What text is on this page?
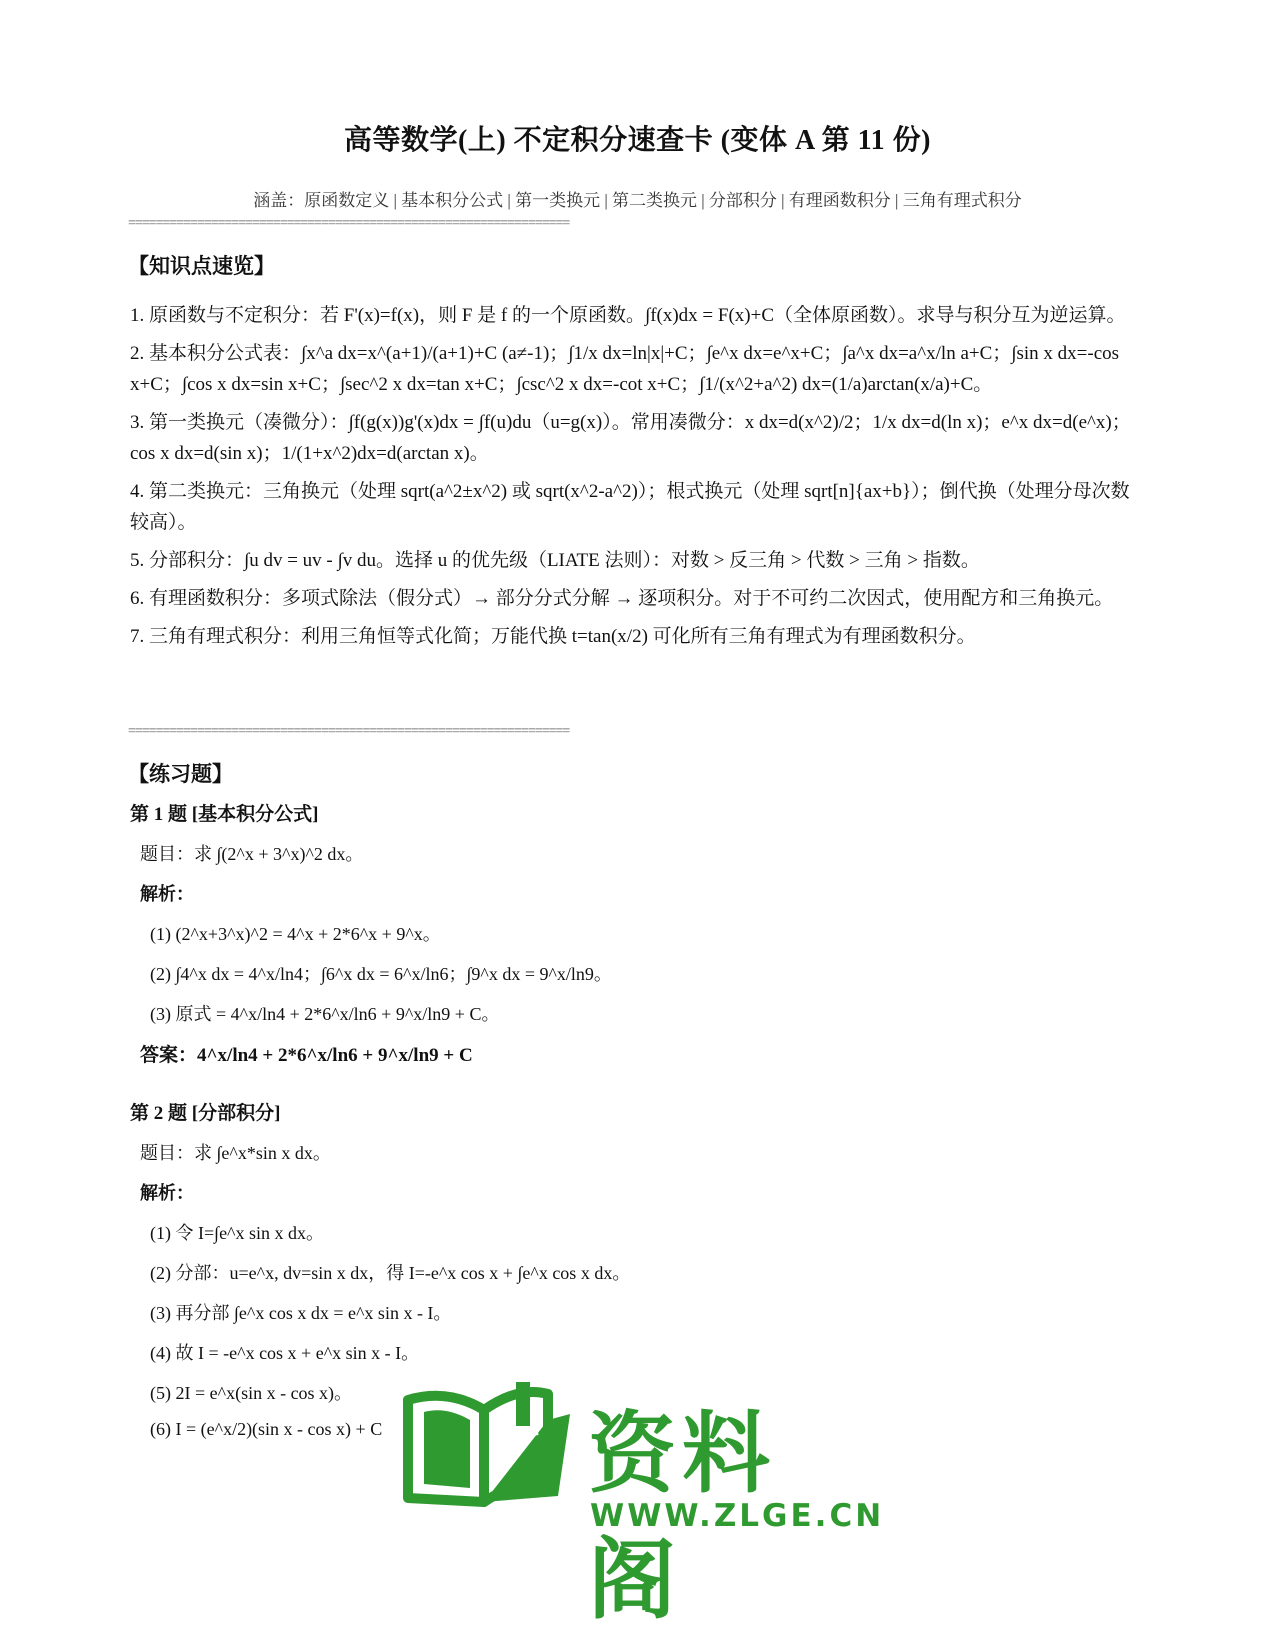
高等数学(上) 不定积分速查卡 (变体 A 第 11 份)
涵盖：原函数定义 | 基本积分公式 | 第一类换元 | 第二类换元 | 分部积分 | 有理函数积分 | 三角有理式积分
================================================================
【知识点速览】

1. 原函数与不定积分：若 F'(x)=f(x)，则 F 是 f 的一个原函数。∫f(x)dx = F(x)+C（全体原函数）。求导与积分互为逆运算。

2. 基本积分公式表：∫x^a dx=x^(a+1)/(a+1)+C (a≠-1)；∫1/x dx=ln|x|+C；∫e^x dx=e^x+C；∫a^x dx=a^x/ln a+C；∫sin x dx=-cos x+C；∫cos x dx=sin x+C；∫sec^2 x dx=tan x+C；∫csc^2 x dx=-cot x+C；∫1/(x^2+a^2) dx=(1/a)arctan(x/a)+C。

3. 第一类换元（凑微分）：∫f(g(x))g'(x)dx = ∫f(u)du（u=g(x)）。常用凑微分：x dx=d(x^2)/2；1/x dx=d(ln x)；e^x dx=d(e^x)；cos x dx=d(sin x)；1/(1+x^2)dx=d(arctan x)。

4. 第二类换元：三角换元（处理 sqrt(a^2±x^2) 或 sqrt(x^2-a^2)）；根式换元（处理 sqrt[n]{ax+b}）；倒代换（处理分母次数较高）。

5. 分部积分：∫u dv = uv - ∫v du。选择 u 的优先级（LIATE 法则）：对数 > 反三角 > 代数 > 三角 > 指数。

6. 有理函数积分：多项式除法（假分式）→ 部分分式分解 → 逐项积分。对于不可约二次因式，使用配方和三角换元。

7. 三角有理式积分：利用三角恒等式化简；万能代换 t=tan(x/2) 可化所有三角有理式为有理函数积分。

================================================================
【练习题】

第 1 题 [基本积分公式]

题目：求 ∫(2^x + 3^x)^2 dx。

解析：

(1) (2^x+3^x)^2 = 4^x + 2*6^x + 9^x。

(2) ∫4^x dx = 4^x/ln4；∫6^x dx = 6^x/ln6；∫9^x dx = 9^x/ln9。

(3) 原式 = 4^x/ln4 + 2*6^x/ln6 + 9^x/ln9 + C。

答案：4^x/ln4 + 2*6^x/ln6 + 9^x/ln9 + C

第 2 题 [分部积分]

题目：求 ∫e^x*sin x dx。

解析：

(1) 令 I=∫e^x sin x dx。

(2) 分部：u=e^x, dv=sin x dx，得 I=-e^x cos x + ∫e^x cos x dx。

(3) 再分部 ∫e^x cos x dx = e^x sin x - I。

(4) 故 I = -e^x cos x + e^x sin x - I。

(5) 2I = e^x(sin x - cos x)。

(6) I = (e^x/2)(sin x - cos x) + C	资料阁
WWW.ZLGE.CN
